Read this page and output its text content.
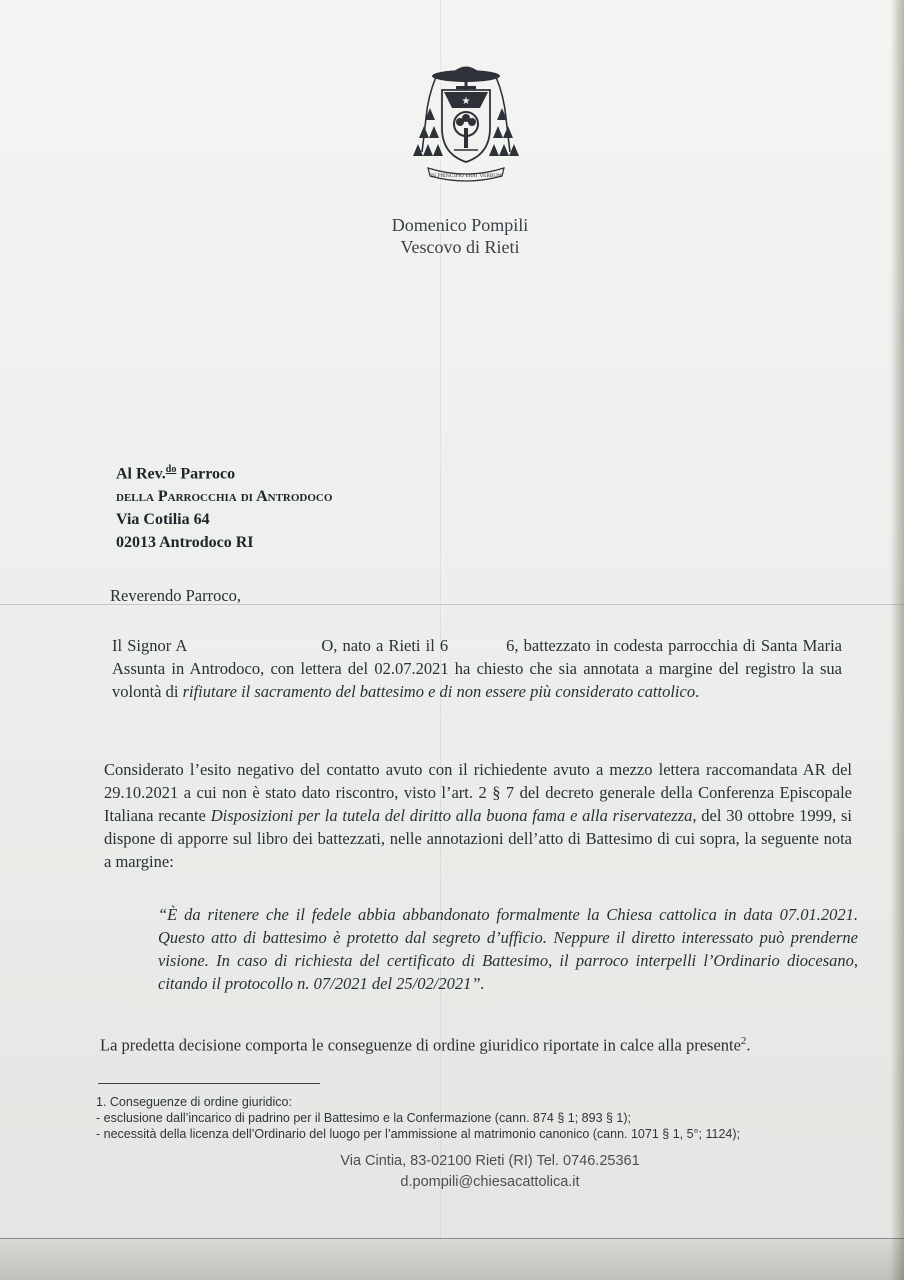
★
IN PRINCIPIO ERAT VERBUM
Domenico Pompili
Vescovo di Rieti
Al Rev.$^{do}$ Parroco
della Parrocchia di Antrodoco
Via Cotilia 64
02013 Antrodoco RI
Reverendo Parroco,
Il Signor A	O, nato a Rieti il 6	6, battezzato in codesta parrocchia di Santa Maria Assunta in Antrodoco, con lettera del 02.07.2021 ha chiesto che sia annotata a margine del registro la sua volontà di rifiutare il sacramento del battesimo e di non essere più considerato cattolico.
Considerato l’esito negativo del contatto avuto con il richiedente avuto a mezzo lettera raccomandata AR del 29.10.2021 a cui non è stato dato riscontro, visto l’art. 2 § 7 del decreto generale della Conferenza Episcopale Italiana recante Disposizioni per la tutela del diritto alla buona fama e alla riservatezza, del 30 ottobre 1999, si dispone di apporre sul libro dei battezzati, nelle annotazioni dell’atto di Battesimo di cui sopra, la seguente nota a margine:
“È da ritenere che il fedele abbia abbandonato formalmente la Chiesa cattolica in data 07.01.2021. Questo atto di battesimo è protetto dal segreto d’ufficio. Neppure il diretto interessato può prenderne visione. In caso di richiesta del certificato di Battesimo, il parroco interpelli l’Ordinario diocesano, citando il protocollo n. 07/2021 del 25/02/2021”.
La predetta decisione comporta le conseguenze di ordine giuridico riportate in calce alla presente$^2$.
1. Conseguenze di ordine giuridico:
- esclusione dall’incarico di padrino per il Battesimo e la Confermazione (cann. 874 § 1; 893 § 1);
- necessità della licenza dell’Ordinario del luogo per l’ammissione al matrimonio canonico (cann. 1071 § 1, 5°; 1124);
Via Cintia, 83-02100 Rieti (RI) Tel. 0746.25361
d.pompili@chiesacattolica.it
